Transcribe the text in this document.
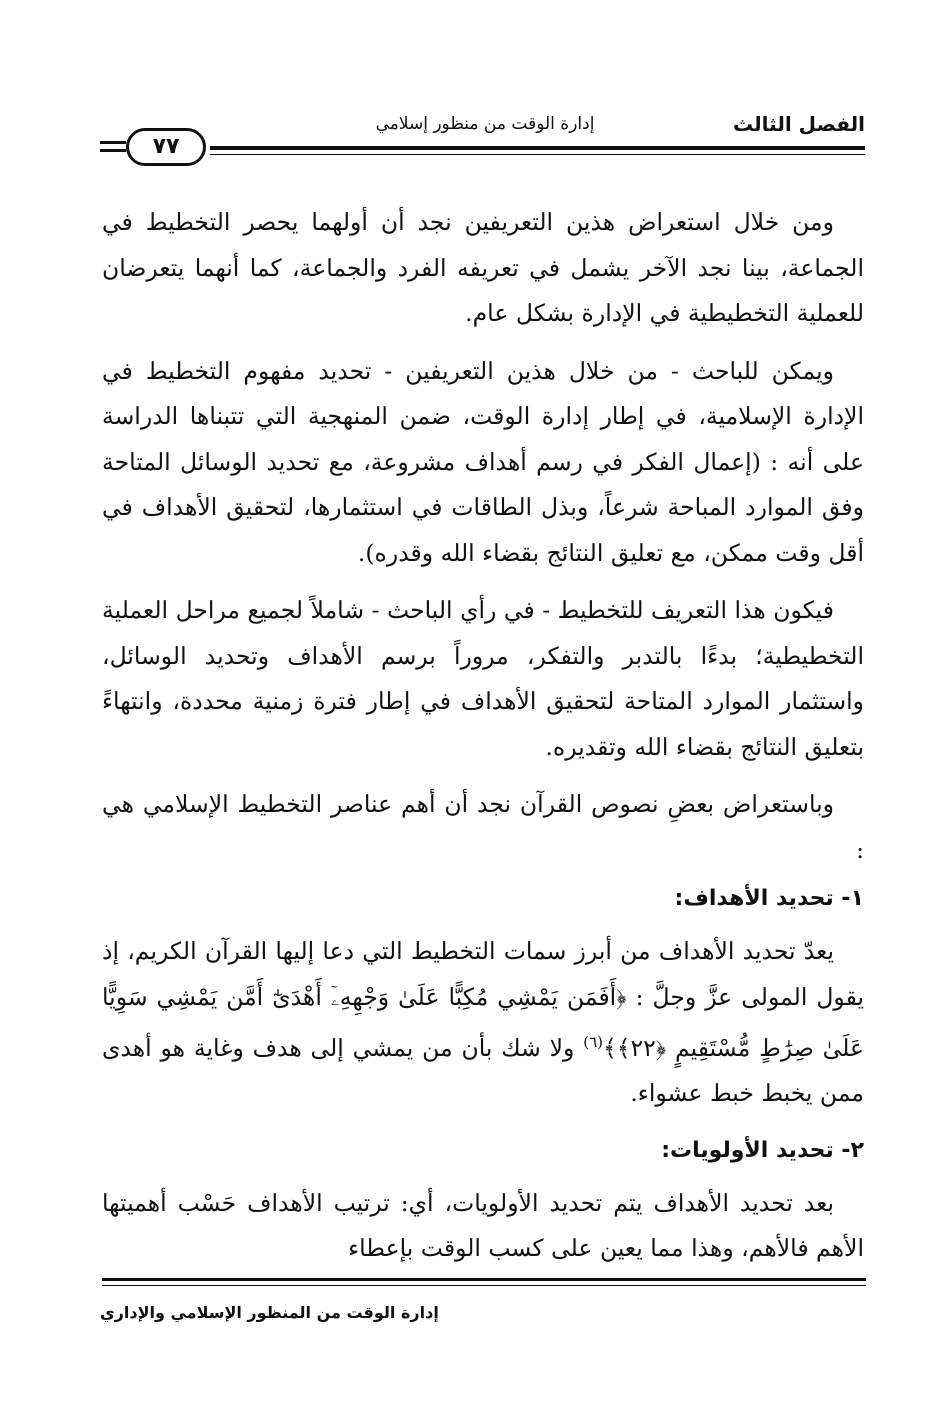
الفصل الثالث
إدارة الوقت من منظور إسلامي
٧٧

ومن خلال استعراض هذين التعريفين نجد أن أولهما يحصر التخطيط في الجماعة، بينا نجد الآخر يشمل في تعريفه الفرد والجماعة، كما أنهما يتعرضان للعملية التخطيطية في الإدارة بشكل عام.

ويمكن للباحث - من خلال هذين التعريفين - تحديد مفهوم التخطيط في الإدارة الإسلامية، في إطار إدارة الوقت، ضمن المنهجية التي تتبناها الدراسة على أنه : (إعمال الفكر في رسم أهداف مشروعة، مع تحديد الوسائل المتاحة وفق الموارد المباحة شرعاً، وبذل الطاقات في استثمارها، لتحقيق الأهداف في أقل وقت ممكن، مع تعليق النتائج بقضاء الله وقدره).

فيكون هذا التعريف للتخطيط - في رأي الباحث - شاملاً لجميع مراحل العملية التخطيطية؛ بدءًا بالتدبر والتفكر، مروراً برسم الأهداف وتحديد الوسائل، واستثمار الموارد المتاحة لتحقيق الأهداف في إطار فترة زمنية محددة، وانتهاءً بتعليق النتائج بقضاء الله وتقديره.

وباستعراض بعضِ نصوص القرآن نجد أن أهم عناصر التخطيط الإسلامي هي :

١- تحديد الأهداف:

يعدّ تحديد الأهداف من أبرز سمات التخطيط التي دعا إليها القرآن الكريم، إذ يقول المولى عزَّ وجلَّ : ﴿أَفَمَن يَمْشِي مُكِبًّا عَلَىٰ وَجْهِهِۦٓ أَهْدَىٰٓ أَمَّن يَمْشِي سَوِيًّا عَلَىٰ صِرَٰطٍ مُّسْتَقِيمٍ ﴿٢٢﴾﴾$^{(٦)}$ ولا شك بأن من يمشي إلى هدف وغاية هو أهدى ممن يخبط خبط عشواء.

٢- تحديد الأولويات:

بعد تحديد الأهداف يتم تحديد الأولويات، أي: ترتيب الأهداف حَسْب أهميتها الأهم فالأهم، وهذا مما يعين على كسب الوقت بإعطاء

إدارة الوقت من المنظور الإسلامي والإداري
